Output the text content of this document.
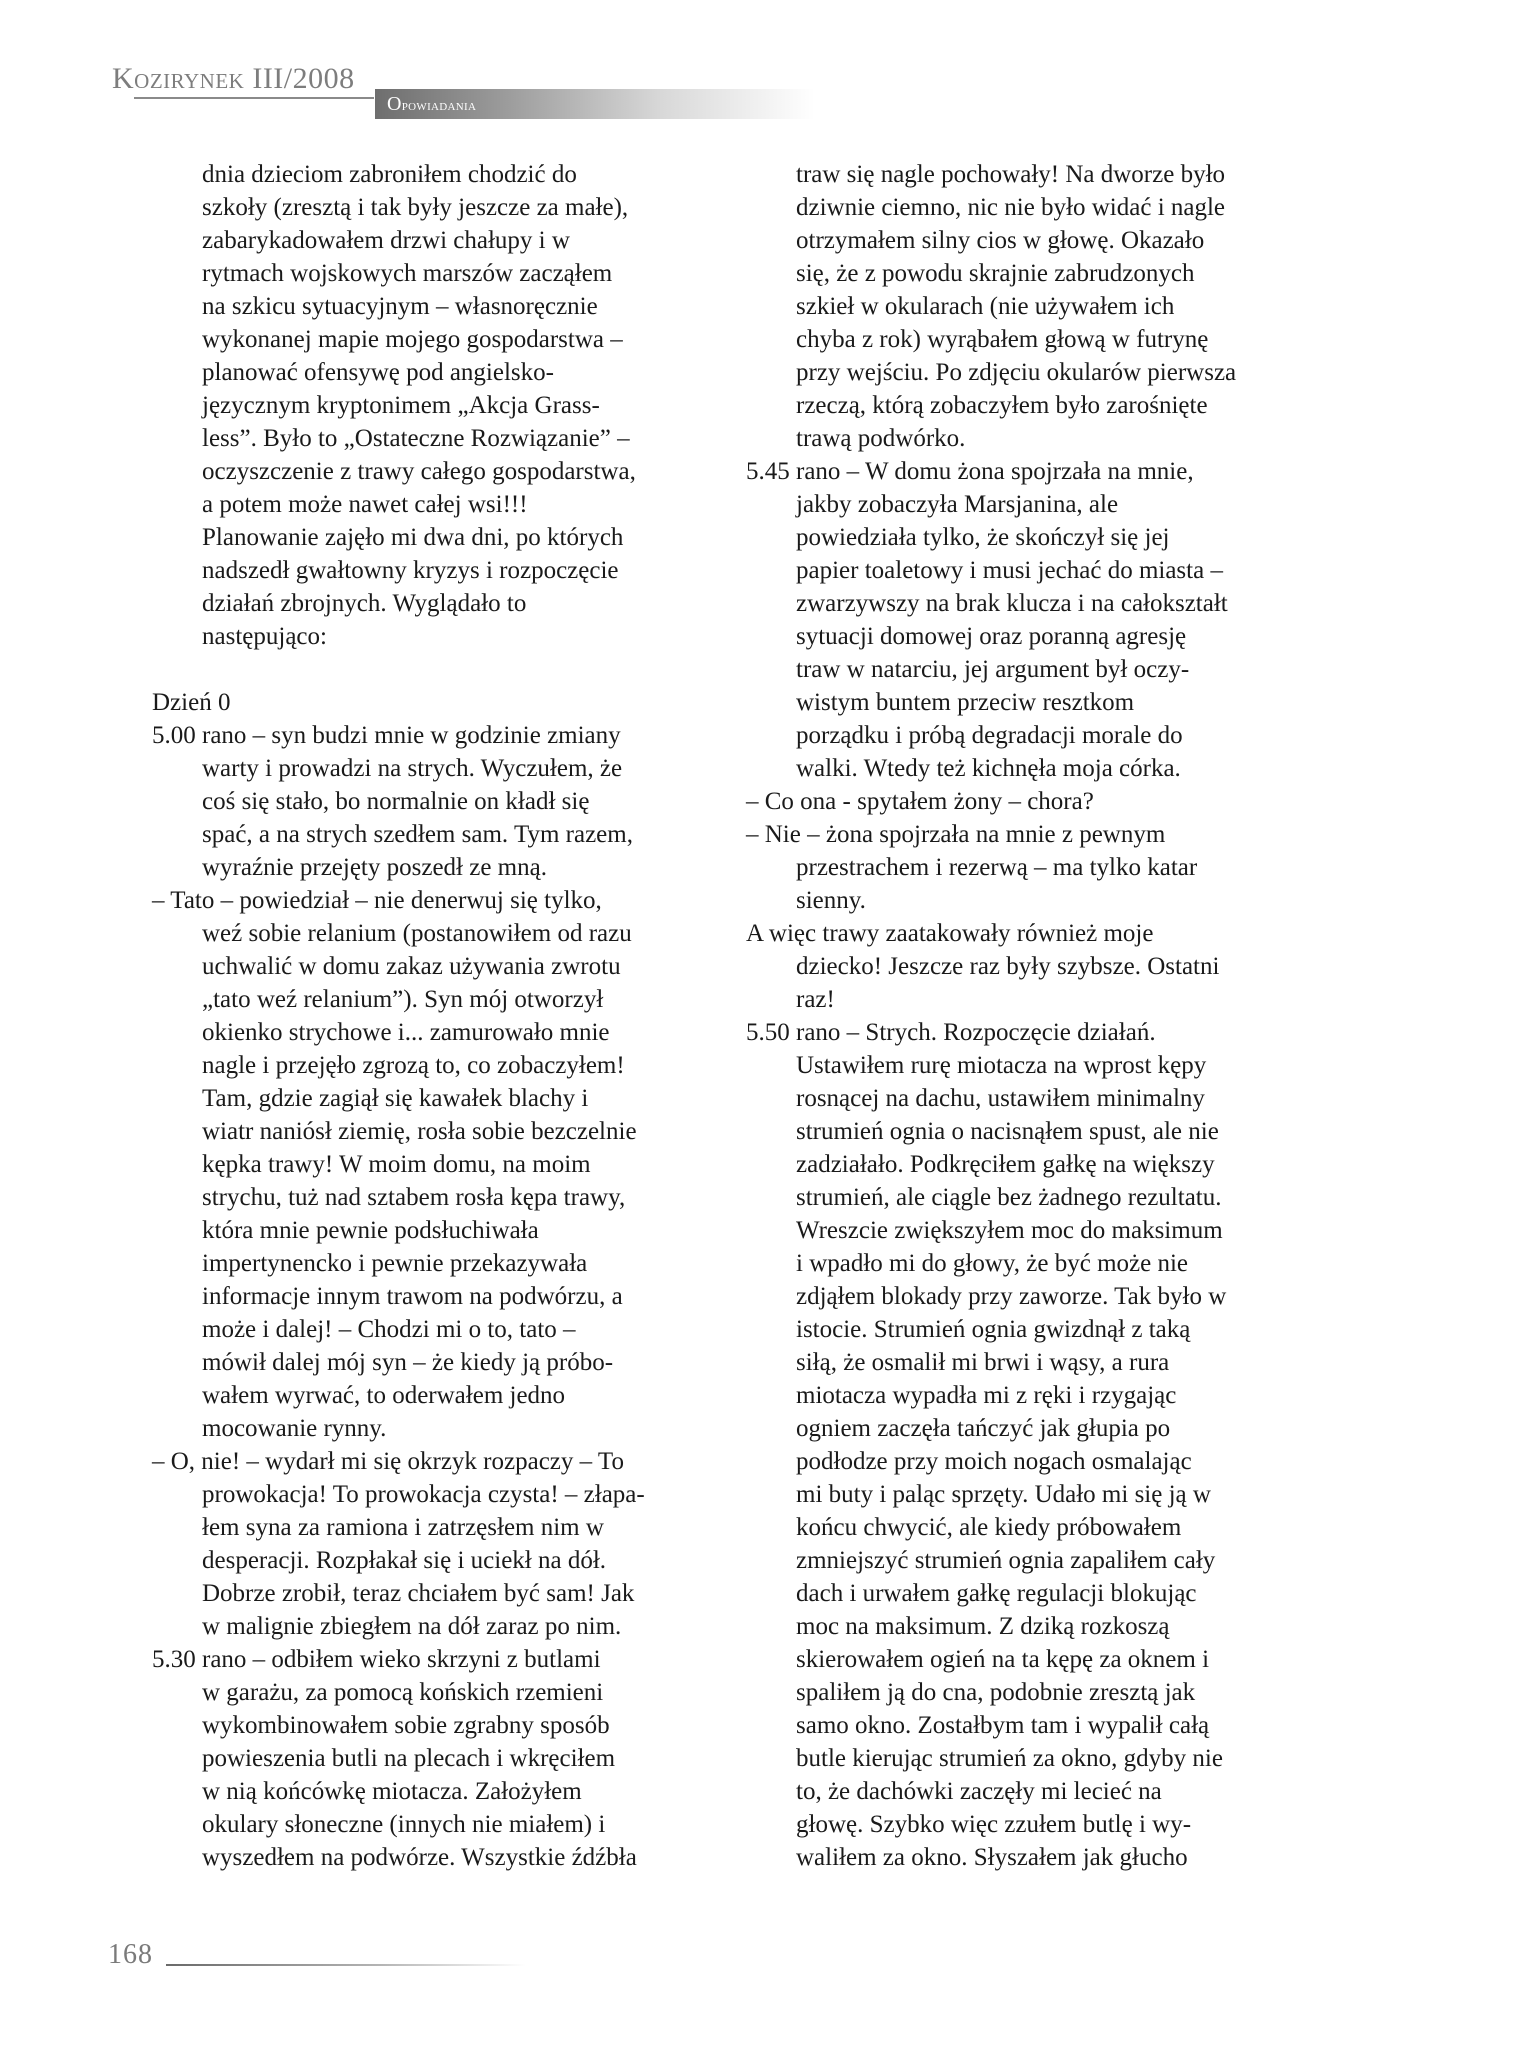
Kozirynek III/2008
Opowiadania
dnia dzieciom zabroniłem chodzić do
szkoły (zresztą i tak były jeszcze za małe),
zabarykadowałem drzwi chałupy i w
rytmach wojskowych marszów zacząłem
na szkicu sytuacyjnym – własnoręcznie
wykonanej mapie mojego gospodarstwa –
planować ofensywę pod angielsko-
języcznym kryptonimem „Akcja Grass-
less”. Było to „Ostateczne Rozwiązanie” –
oczyszczenie z trawy całego gospodarstwa,
a potem może nawet całej wsi!!!
Planowanie zajęło mi dwa dni, po których
nadszedł gwałtowny kryzys i rozpoczęcie
działań zbrojnych. Wyglądało to
następująco:
Dzień 0
5.00 rano – syn budzi mnie w godzinie zmiany
warty i prowadzi na strych. Wyczułem, że
coś się stało, bo normalnie on kładł się
spać, a na strych szedłem sam. Tym razem,
wyraźnie przejęty poszedł ze mną.
– Tato – powiedział – nie denerwuj się tylko,
weź sobie relanium (postanowiłem od razu
uchwalić w domu zakaz używania zwrotu
„tato weź relanium”). Syn mój otworzył
okienko strychowe i... zamurowało mnie
nagle i przejęło zgrozą to, co zobaczyłem!
Tam, gdzie zagiął się kawałek blachy i
wiatr naniósł ziemię, rosła sobie bezczelnie
kępka trawy! W moim domu, na moim
strychu, tuż nad sztabem rosła kępa trawy,
która mnie pewnie podsłuchiwała
impertynencko i pewnie przekazywała
informacje innym trawom na podwórzu, a
może i dalej! – Chodzi mi o to, tato –
mówił dalej mój syn – że kiedy ją próbo-
wałem wyrwać, to oderwałem jedno
mocowanie rynny.
– O, nie! – wydarł mi się okrzyk rozpaczy – To
prowokacja! To prowokacja czysta! – złapa-
łem syna za ramiona i zatrzęsłem nim w
desperacji. Rozpłakał się i uciekł na dół.
Dobrze zrobił, teraz chciałem być sam! Jak
w malignie zbiegłem na dół zaraz po nim.
5.30 rano – odbiłem wieko skrzyni z butlami
w garażu, za pomocą końskich rzemieni
wykombinowałem sobie zgrabny sposób
powieszenia butli na plecach i wkręciłem
w nią końcówkę miotacza. Założyłem
okulary słoneczne (innych nie miałem) i
wyszedłem na podwórze. Wszystkie źdźbła
traw się nagle pochowały! Na dworze było
dziwnie ciemno, nic nie było widać i nagle
otrzymałem silny cios w głowę. Okazało
się, że z powodu skrajnie zabrudzonych
szkieł w okularach (nie używałem ich
chyba z rok) wyrąbałem głową w futrynę
przy wejściu. Po zdjęciu okularów pierwsza
rzeczą, którą zobaczyłem było zarośnięte
trawą podwórko.
5.45 rano – W domu żona spojrzała na mnie,
jakby zobaczyła Marsjanina, ale
powiedziała tylko, że skończył się jej
papier toaletowy i musi jechać do miasta –
zwarzywszy na brak klucza i na całokształt
sytuacji domowej oraz poranną agresję
traw w natarciu, jej argument był oczy-
wistym buntem przeciw resztkom
porządku i próbą degradacji morale do
walki. Wtedy też kichnęła moja córka.
– Co ona - spytałem żony – chora?
– Nie – żona spojrzała na mnie z pewnym
przestrachem i rezerwą – ma tylko katar
sienny.
A więc trawy zaatakowały również moje
dziecko! Jeszcze raz były szybsze. Ostatni
raz!
5.50 rano – Strych. Rozpoczęcie działań.
Ustawiłem rurę miotacza na wprost kępy
rosnącej na dachu, ustawiłem minimalny
strumień ognia o nacisnąłem spust, ale nie
zadziałało. Podkręciłem gałkę na większy
strumień, ale ciągle bez żadnego rezultatu.
Wreszcie zwiększyłem moc do maksimum
i wpadło mi do głowy, że być może nie
zdjąłem blokady przy zaworze. Tak było w
istocie. Strumień ognia gwizdnął z taką
siłą, że osmalił mi brwi i wąsy, a rura
miotacza wypadła mi z ręki i rzygając
ogniem zaczęła tańczyć jak głupia po
podłodze przy moich nogach osmalając
mi buty i paląc sprzęty. Udało mi się ją w
końcu chwycić, ale kiedy próbowałem
zmniejszyć strumień ognia zapaliłem cały
dach i urwałem gałkę regulacji blokując
moc na maksimum. Z dziką rozkoszą
skierowałem ogień na ta kępę za oknem i
spaliłem ją do cna, podobnie zresztą jak
samo okno. Zostałbym tam i wypalił całą
butle kierując strumień za okno, gdyby nie
to, że dachówki zaczęły mi lecieć na
głowę. Szybko więc zzułem butlę i wy-
waliłem za okno. Słyszałem jak głucho
168
